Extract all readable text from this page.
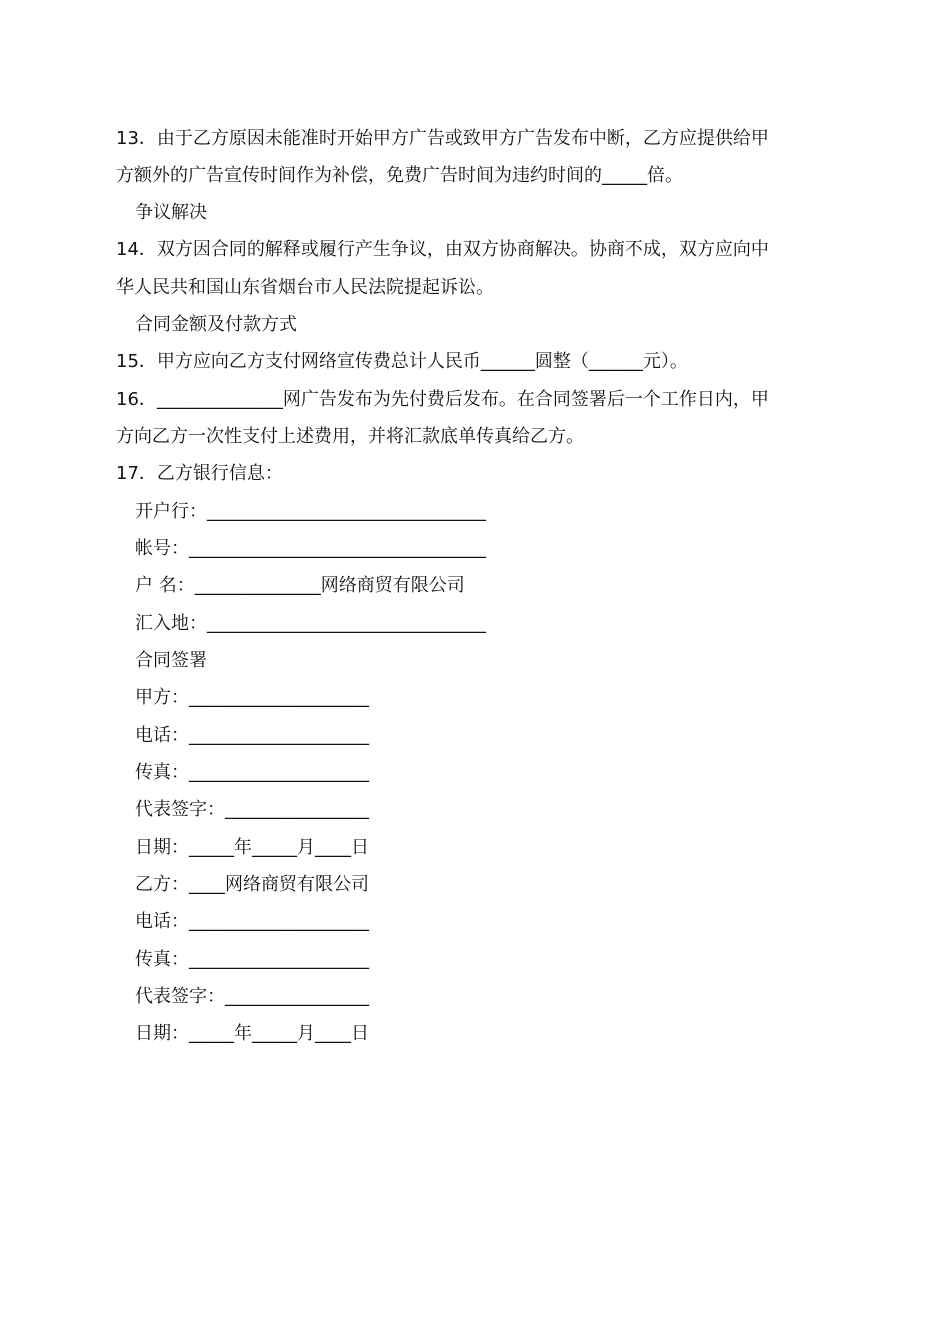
13．由于乙方原因未能准时开始甲方广告或致甲方广告发布中断，乙方应提供给甲
方额外的广告宣传时间作为补偿，免费广告时间为违约时间的_____倍。
争议解决
14．双方因合同的解释或履行产生争议，由双方协商解决。协商不成，双方应向中
华人民共和国山东省烟台市人民法院提起诉讼。
合同金额及付款方式
15．甲方应向乙方支付网络宣传费总计人民币______圆整（______元）。
16．______________网广告发布为先付费后发布。在合同签署后一个工作日内，甲
方向乙方一次性支付上述费用，并将汇款底单传真给乙方。
17．乙方银行信息：
开户行：_______________________________
帐号：_________________________________
户 名：______________网络商贸有限公司
汇入地：_______________________________
合同签署
甲方：____________________
电话：____________________
传真：____________________
代表签字：________________
日期：_____年_____月____日
乙方：____网络商贸有限公司
电话：____________________
传真：____________________
代表签字：________________
日期：_____年_____月____日
